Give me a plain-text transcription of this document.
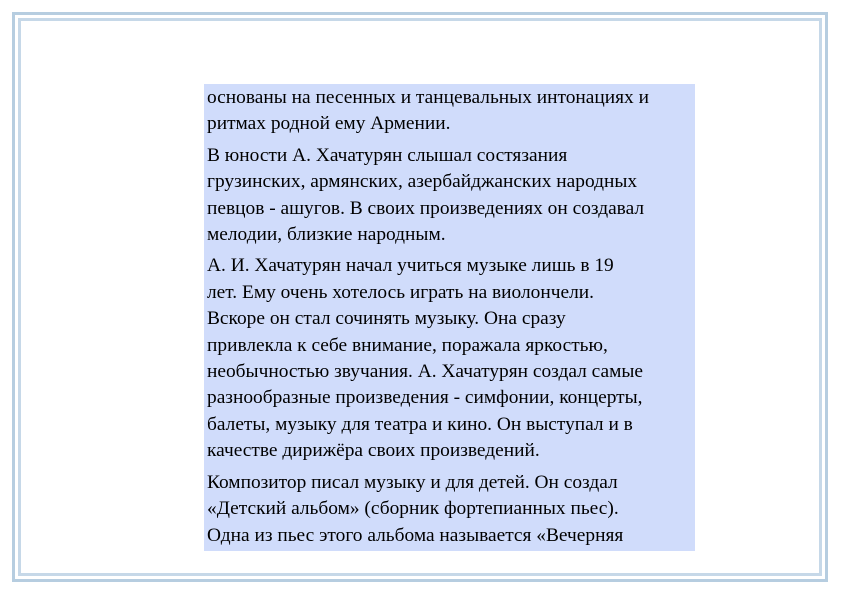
основаны на песенных и танцевальных интонациях и
ритмах родной ему Армении.

В юности А. Хачатурян слышал состязания
грузинских, армянских, азербайджанских народных
певцов - ашугов. В своих произведениях он создавал
мелодии, близкие народным.

А. И. Хачатурян начал учиться музыке лишь в 19
лет. Ему очень хотелось играть на виолончели.
Вскоре он стал сочинять музыку. Она сразу
привлекла к себе внимание, поражала яркостью,
необычностью звучания. А. Хачатурян создал самые
разнообразные произведения - симфонии, концерты,
балеты, музыку для театра и кино. Он выступал и в
качестве дирижёра своих произведений.

Композитор писал музыку и для детей. Он создал
«Детский альбом» (сборник фортепианных пьес).
Одна из пьес этого альбома называется «Вечерняя
